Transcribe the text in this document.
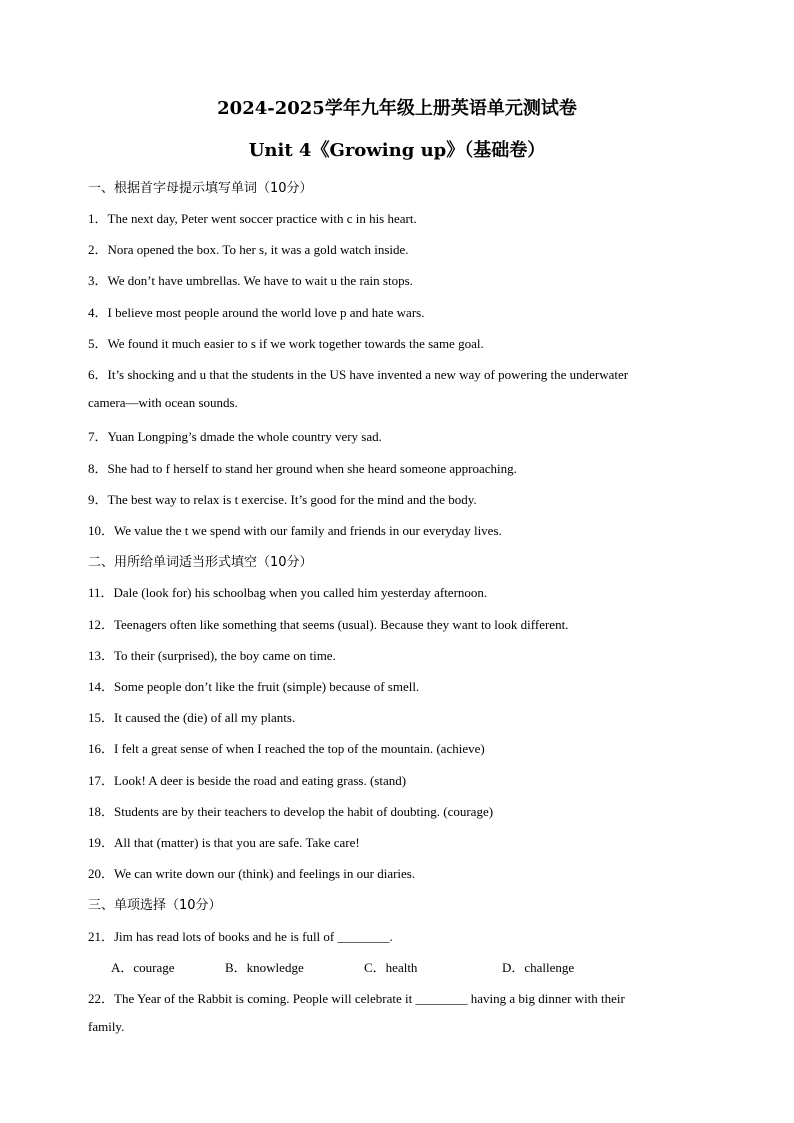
2024-2025学年九年级上册英语单元测试卷
Unit 4《Growing up》（基础卷）
一、根据首字母提示填写单词（10分）
1．The next day, Peter went soccer practice with c in his heart.
2．Nora opened the box. To her s, it was a gold watch inside.
3．We don’t have umbrellas. We have to wait u the rain stops.
4．I believe most people around the world love p and hate wars.
5．We found it much easier to s if we work together towards the same goal.
6．It’s shocking and u that the students in the US have invented a new way of powering the underwater
camera—with ocean sounds.
7．Yuan Longping’s dmade the whole country very sad.
8．She had to f herself to stand her ground when she heard someone approaching.
9．The best way to relax is t exercise. It’s good for the mind and the body.
10．We value the t we spend with our family and friends in our everyday lives.
二、用所给单词适当形式填空（10分）
11．Dale (look for) his schoolbag when you called him yesterday afternoon.
12．Teenagers often like something that seems (usual). Because they want to look different.
13．To their (surprised), the boy came on time.
14．Some people don’t like the fruit (simple) because of smell.
15．It caused the (die) of all my plants.
16．I felt a great sense of when I reached the top of the mountain. (achieve)
17．Look! A deer is beside the road and eating grass. (stand)
18．Students are by their teachers to develop the habit of doubting. (courage)
19．All that (matter) is that you are safe. Take care!
20．We can write down our (think) and feelings in our diaries.
三、单项选择（10分）
21．Jim has read lots of books and he is full of ________.
A．courage	B．knowledge	C．health	D．challenge
22．The Year of the Rabbit is coming. People will celebrate it ________ having a big dinner with their
family.
